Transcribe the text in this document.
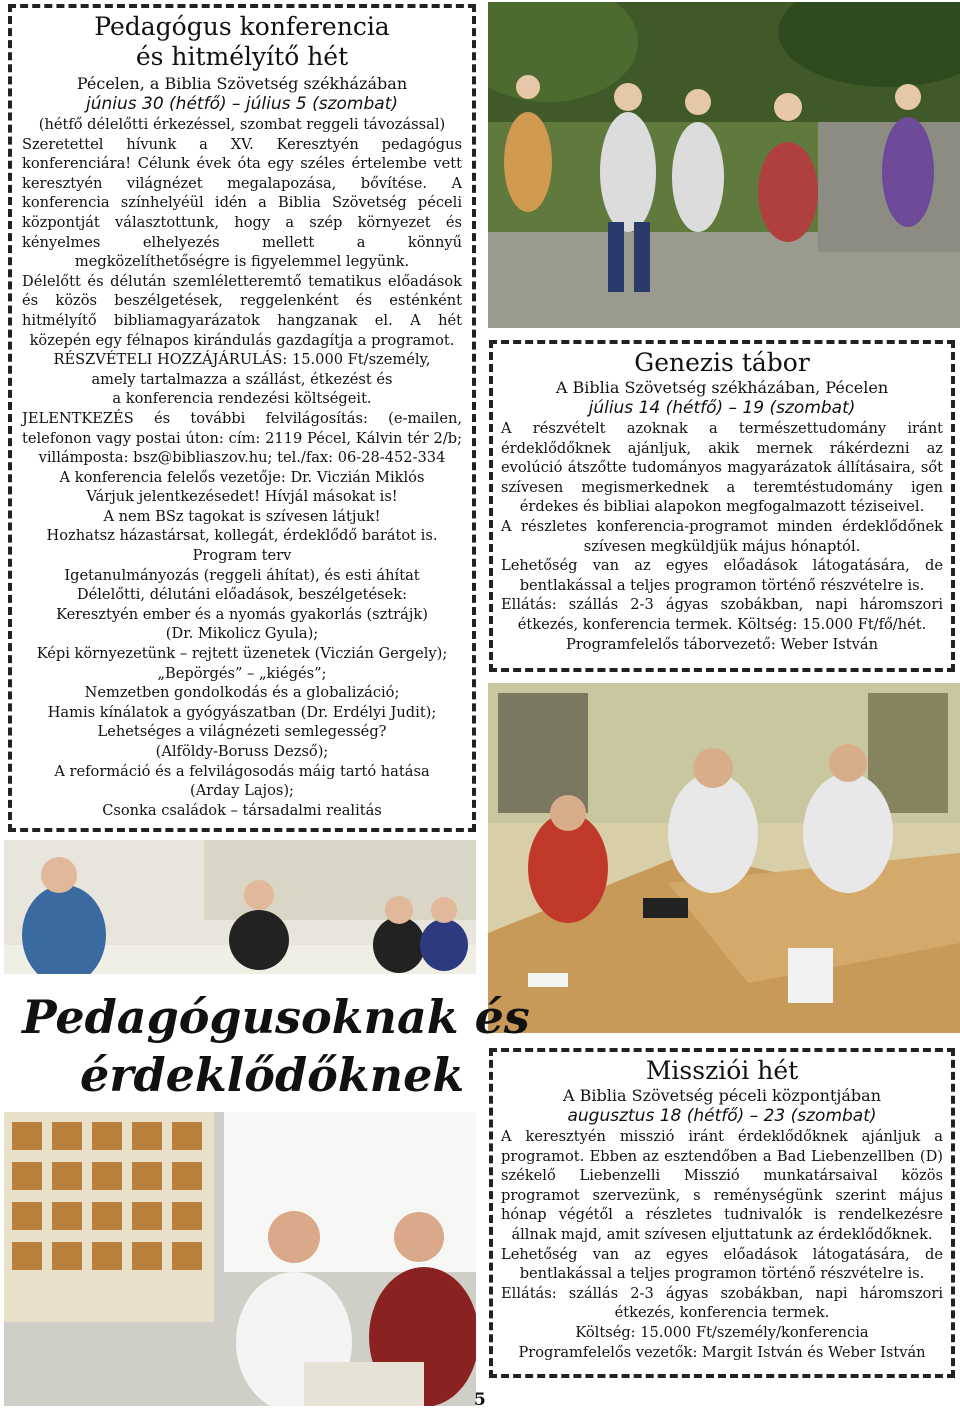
Pedagógus konferencia
és hitmélyítő hét
Pécelen, a Biblia Szövetség székházában
június 30 (hétfő) – július 5 (szombat)

(hétfő délelőtti érkezéssel, szombat reggeli távozással)

Szeretettel hívunk a XV. Keresztyén pedagógus konferenciára! Célunk évek óta egy széles értelembe vett keresztyén világnézet megalapozása, bővítése. A konferencia színhelyéül idén a Biblia Szövetség péceli központját választottunk, hogy a szép környezet és kényelmes elhelyezés mellett a könnyű megközelíthetőségre is figyelemmel legyünk.

Délelőtt és délután szemléletteremtő tematikus előadások és közös beszélgetések, reggelenként és esténként hitmélyítő bibliamagyarázatok hangzanak el. A hét közepén egy félnapos kirándulás gazdagítja a programot.

RÉSZVÉTELI HOZZÁJÁRULÁS: 15.000 Ft/személy,

amely tartalmazza a szállást, étkezést és

a konferencia rendezési költségeit.

JELENTKEZÉS és további felvilágosítás: (e-mailen, telefonon vagy postai úton: cím: 2119 Pécel, Kálvin tér 2/b; villámposta: bsz@bibliaszov.hu; tel./fax: 06-28-452-334

A konferencia felelős vezetője: Dr. Viczián Miklós

Várjuk jelentkezésedet! Hívjál másokat is!

A nem BSz tagokat is szívesen látjuk!

Hozhatsz házastársat, kollegát, érdeklődő barátot is.

Program terv

Igetanulmányozás (reggeli áhítat), és esti áhítat

Délelőtti, délutáni előadások, beszélgetések:

Keresztyén ember és a nyomás gyakorlás (sztrájk)

(Dr. Mikolicz Gyula);

Képi környezetünk – rejtett üzenetek (Viczián Gergely);

„Bepörgés” – „kiégés”;

Nemzetben gondolkodás és a globalizáció;

Hamis kínálatok a gyógyászatban (Dr. Erdélyi Judit);

Lehetséges a világnézeti semlegesség?

(Alföldy-Boruss Dezső);

A reformáció és a felvilágosodás máig tartó hatása

(Arday Lajos);

Csonka családok – társadalmi realitás

Genezis tábor
A Biblia Szövetség székházában, Pécelen
július 14 (hétfő) – 19 (szombat)

A részvételt azoknak a természettudomány iránt érdeklődőknek ajánljuk, akik mernek rákérdezni az evolúció átszőtte tudományos magyarázatok állításaira, sőt szívesen megismerkednek a teremtéstudomány igen érdekes és bibliai alapokon megfogalmazott téziseivel.

A részletes konferencia-programot minden érdeklődőnek szívesen megküldjük május hónaptól.

Lehetőség van az egyes előadások látogatására, de bentlakással a teljes programon történő részvételre is.

Ellátás: szállás 2-3 ágyas szobákban, napi háromszori étkezés, konferencia termek. Költség: 15.000 Ft/fő/hét.

Programfelelős táborvezető: Weber István

Pedagógusoknak és
érdeklődőknek	Missziói hét
A Biblia Szövetség péceli központjában
augusztus 18 (hétfő) – 23 (szombat)

A keresztyén misszió iránt érdeklődőknek ajánljuk a programot. Ebben az esztendőben a Bad Liebenzellben (D) székelő Liebenzelli Misszió munkatársaival közös programot szervezünk, s reménységünk szerint május hónap végétől a részletes tudnivalók is rendelkezésre állnak majd, amit szívesen eljuttatunk az érdeklődőknek.

Lehetőség van az egyes előadások látogatására, de bentlakással a teljes programon történő részvételre is.

Ellátás: szállás 2-3 ágyas szobákban, napi háromszori étkezés, konferencia termek.

Költség: 15.000 Ft/személy/konferencia

Programfelelős vezetők: Margit István és Weber István

5
